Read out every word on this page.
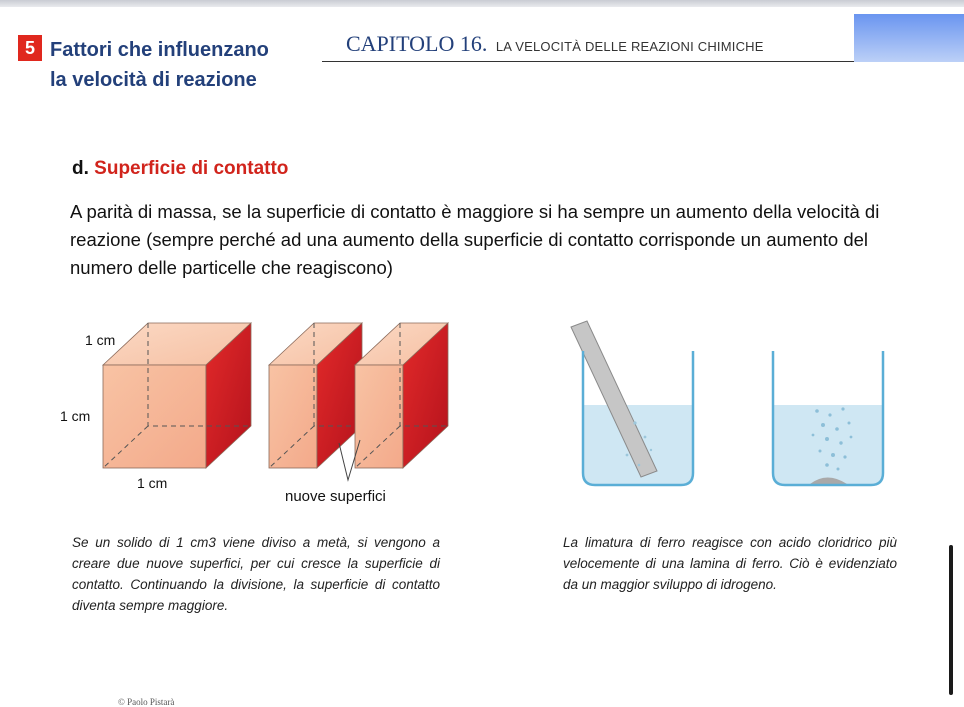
5 Fattori che influenzano
la velocità di reazione
CAPITOLO 16. LA VELOCITÀ DELLE REAZIONI CHIMICHE
d. Superficie di contatto
A parità di massa, se la superficie di contatto è maggiore si ha sempre un aumento della velocità di reazione (sempre perché ad una aumento della superficie di contatto corrisponde un aumento del numero delle particelle che reagiscono)
1 cm
1 cm
1 cm
nuove superfici
Se un solido di 1 cm3 viene diviso a metà, si vengono a creare due nuove superfici, per cui cresce la superficie di contatto. Continuando la divisione, la superficie di contatto diventa sempre maggiore.
La limatura di ferro reagisce con acido cloridrico più velocemente di una lamina di ferro. Ciò è evidenziato da un maggior sviluppo di idrogeno.
© Paolo Pistarà
